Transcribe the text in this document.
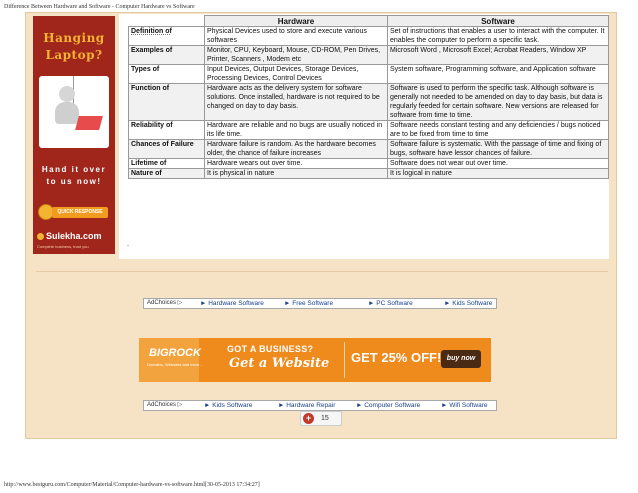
Difference Between Hardware and Software - Computer Hardware vs Software
Hanging
Laptop?
Hand it over
to us now!
QUICK RESPONSE
Sulekha.com
Complete business, trust you
	Hardware	Software
Definition of	Physical Devices used to store and execute various softwares	Set of instructions that enables a user to interact with the computer. It enables the computer to perform a specific task.
Examples of	Monitor, CPU, Keyboard, Mouse, CD-ROM, Pen Drives, Printer, Scanners , Modem etc	Microsoft Word , Microsoft Excel; Acrobat Readers, Window XP
Types of	Input Devices, Output Devices, Storage Devices, Processing Devices, Control Devices	System software, Programming software, and Application software
Function of	Hardware acts as the delivery system for software solutions. Once installed, hardware is not required to be changed on day to day basis.	Software is used to perform the specific task. Although software is generally not needed to be amended on day to day basis, but data is regularly feeded for certain software. New versions are released for software from time to time.
Reliability of	Hardware are reliable and no bugs are usually noticed in its life time.	Software needs constant testing and any deficiencies / bugs noticed are to be fixed from time to time
Chances of Failure	Hardware failure is random. As the hardware becomes older, the chance of failure increases	Software failure is systematic. With the passage of time and fixing of bugs, software have lessor chances of failure.
Lifetime of	Hardware wears out over time.	Software does not wear out over time.
Nature of	It is physical in nature	It is logical in nature
-
AdChoices ▷	► Hardware Software	► Free Software	► PC Software	► Kids Software
BIGROCK
Domains, Websites and more...
GOT A BUSINESS?
Get a Website GET 25% OFF! buy now
AdChoices ▷	► Kids Software	► Hardware Repair	► Computer Software	► Wifi Software
+	15
http://www.bestguru.com/Computer/Material/Computer-hardware-vs-software.html[30-05-2013 17:34:27]
